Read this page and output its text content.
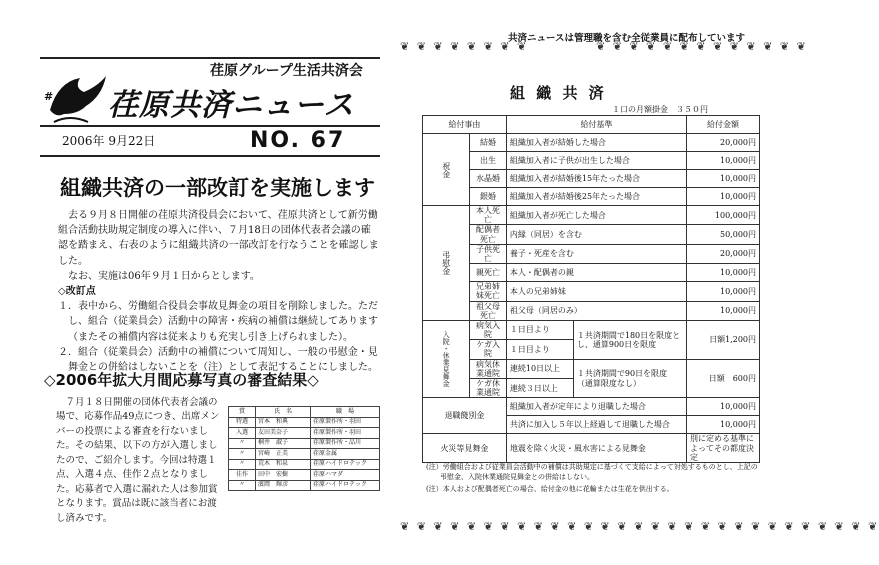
荏原グループ生活共済会
# 荏原共済ニュース
2006年 9月22日	NO. 67
組織共済の一部改訂を実施します

去る９月８日開催の荏原共済役員会において、荏原共済として新労働組合活動扶助規定制度の導入に伴い、７月18日の団体代表者会議の確認を踏まえ、右表のように組織共済の一部改訂を行なうことを確認しました。

なお、実施は06年９月１日からとします。

◇改訂点

１．表中から、労働組合役員会事故見舞金の項目を削除しました。ただし、組合（従業員会）活動中の障害・疾病の補償は継続してあります（またその補償内容は従来よりも充実し引き上げられました）。

２．組合（従業員会）活動中の補償について周知し、一般の弔慰金・見舞金との併給はしないことを（注）として表記することにしました。

◇2006年拡大月間応募写真の審査結果◇

７月１８日開催の団体代表者会議の場で、応募作品49点につき、出席メンバーの投票による審査を行ないました。その結果、以下の方が入選しましたので、ご紹介します。今回は特選１点、入選４点、佳作２点となりました。応募者で入選に漏れた人は参加賞となります。賞品は既に該当者にお渡し済みです。

賞	氏　名	職　場
特選	宮本　和典	荏原製作所・羽田
入選	友田美奈子	荏原製作所・羽田
〃	桐井　淑子	荏原製作所・品川
〃	宮崎　正美	荏原金属
〃	荒木　和泉	荏原ハイドロテック
佳作	田中　宏樹	荏原ハマダ
〃	濱岡　輝彦	荏原ハイドロテック
❦ ❦ ❦ ❦ ❦ ❦ ❦ ❦
共済ニュースは管理職を含む全従業員に配布しています
❦ ❦ ❦ ❦ ❦ ❦ ❦ ❦ ❦ ❦ ❦ ❦ ❦
組 織 共 済
１口の月額掛金　３５０円
給付事由		給付基準		給付金額
祝金	結婚	組織加入者が結婚した場合		20,000円
	出生	組織加入者に子供が出生した場合		10,000円
	水晶婚	組織加入者が結婚後15年たった場合		10,000円
	銀婚	組織加入者が結婚後25年たった場合		10,000円
弔慰金	本人死亡	組織加入者が死亡した場合		100,000円
	配偶者死亡	内縁（同居）を含む		50,000円
	子供死亡	養子・死産を含む		20,000円
	親死亡	本人・配偶者の親		10,000円
	兄弟姉妹死亡	本人の兄弟姉妹		10,000円
	祖父母死亡	祖父母（同居のみ）		10,000円
入院・休業見舞金	病気入院	１日目より	１共済期間で180日を限度とし、通算900日を限度	日額1,200円
	ケガ入院	１日目より		
	病気休業通院	連続10日以上	１共済期間で90日を限度（通算限度なし）	日額　600円
	ケガ休業通院	連続３日以上		
退職餞別金		組織加入者が定年により退職した場合		10,000円
		共済に加入し５年以上経過して退職した場合		10,000円
火災等見舞金		地震を除く火災・風水害による見舞金		別に定める基準によってその都度決定
(注）労働組合および従業員会活動中の補償は共助規定に基づくて支給によって対処するものとし、上記の弔慰金、入院休業通院見舞金との併給はしない。
(注）本人および配偶者死亡の場合、給付金の他に花輪または生花を供出する。
❦ ❦ ❦ ❦ ❦ ❦ ❦ ❦ ❦ ❦ ❦ ❦ ❦ ❦ ❦ ❦ ❦ ❦ ❦ ❦ ❦ ❦ ❦ ❦ ❦ ❦ ❦ ❦ ❦
